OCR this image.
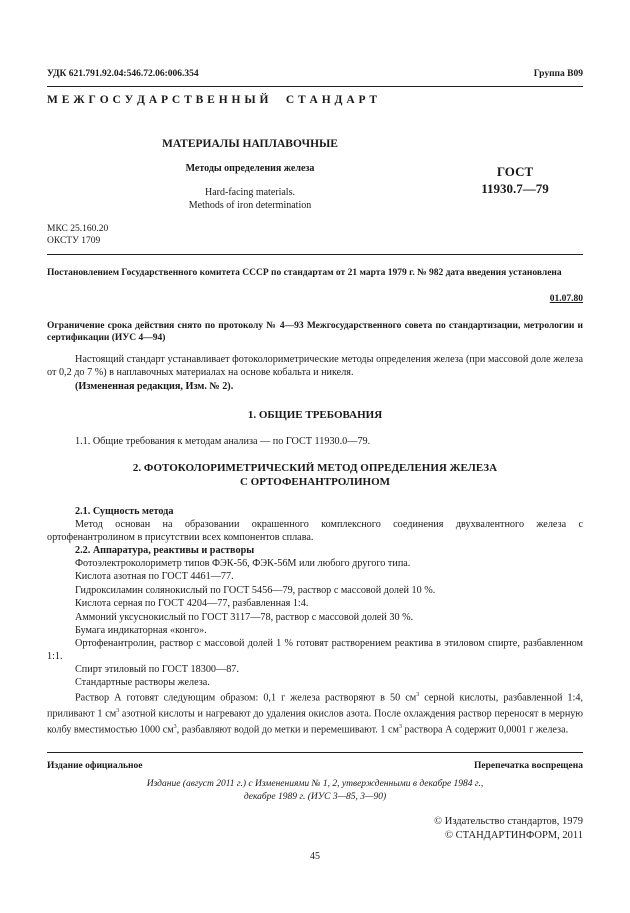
УДК 621.791.92.04:546.72.06:006.354	Группа В09
М Е Ж Г О С У Д А Р С Т В Е Н Н Ы Й     С Т А Н Д А Р Т
МАТЕРИАЛЫ НАПЛАВОЧНЫЕ
Методы определения железа
Hard-facing materials.
Methods of iron determination
ГОСТ
11930.7—79
МКС 25.160.20
ОКСТУ 1709
Постановлением Государственного комитета СССР по стандартам от 21 марта 1979 г. № 982 дата введения установлена
01.07.80
Ограничение срока действия снято по протоколу № 4—93 Межгосударственного совета по стандартизации, метрологии и сертификации (ИУС 4—94)
Настоящий стандарт устанавливает фотоколориметрические методы определения железа (при массовой доле железа от 0,2 до 7 %) в наплавочных материалах на основе кобальта и никеля.
(Измененная редакция, Изм. № 2).
1. ОБЩИЕ ТРЕБОВАНИЯ
1.1. Общие требования к методам анализа — по ГОСТ 11930.0—79.
2. ФОТОКОЛОРИМЕТРИЧЕСКИЙ МЕТОД ОПРЕДЕЛЕНИЯ ЖЕЛЕЗА
С ОРТОФЕНАНТРОЛИНОМ
2.1. Сущность метода
Метод основан на образовании окрашенного комплексного соединения двухвалентного железа с ортофенантролином в присутствии всех компонентов сплава.
2.2. Аппаратура, реактивы и растворы
Фотоэлектроколориметр типов ФЭК-56, ФЭК-56М или любого другого типа.
Кислота азотная по ГОСТ 4461—77.
Гидроксиламин солянокислый по ГОСТ 5456—79, раствор с массовой долей 10 %.
Кислота серная по ГОСТ 4204—77, разбавленная 1:4.
Аммоний уксуснокислый по ГОСТ 3117—78, раствор с массовой долей 30 %.
Бумага индикаторная «конго».
Ортофенантролин, раствор с массовой долей 1 % готовят растворением реактива в этиловом спирте, разбавленном 1:1.
Спирт этиловый по ГОСТ 18300—87.
Стандартные растворы железа.
Раствор А готовят следующим образом: 0,1 г железа растворяют в 50 $см^3$ серной кислоты, разбавленной 1:4, приливают 1 $см^3$ азотной кислоты и нагревают до удаления окислов азота. После охлаждения раствор переносят в мерную колбу вместимостью 1000 $см^3$, разбавляют водой до метки и перемешивают. 1 $см^3$ раствора А содержит 0,0001 г железа.
Издание официальное	Перепечатка воспрещена
Издание (август 2011 г.) с Изменениями № 1, 2, утвержденными в декабре 1984 г.,
декабре 1989 г. (ИУС 3—85, 3—90)
© Издательство стандартов, 1979
© СТАНДАРТИНФОРМ, 2011
45
